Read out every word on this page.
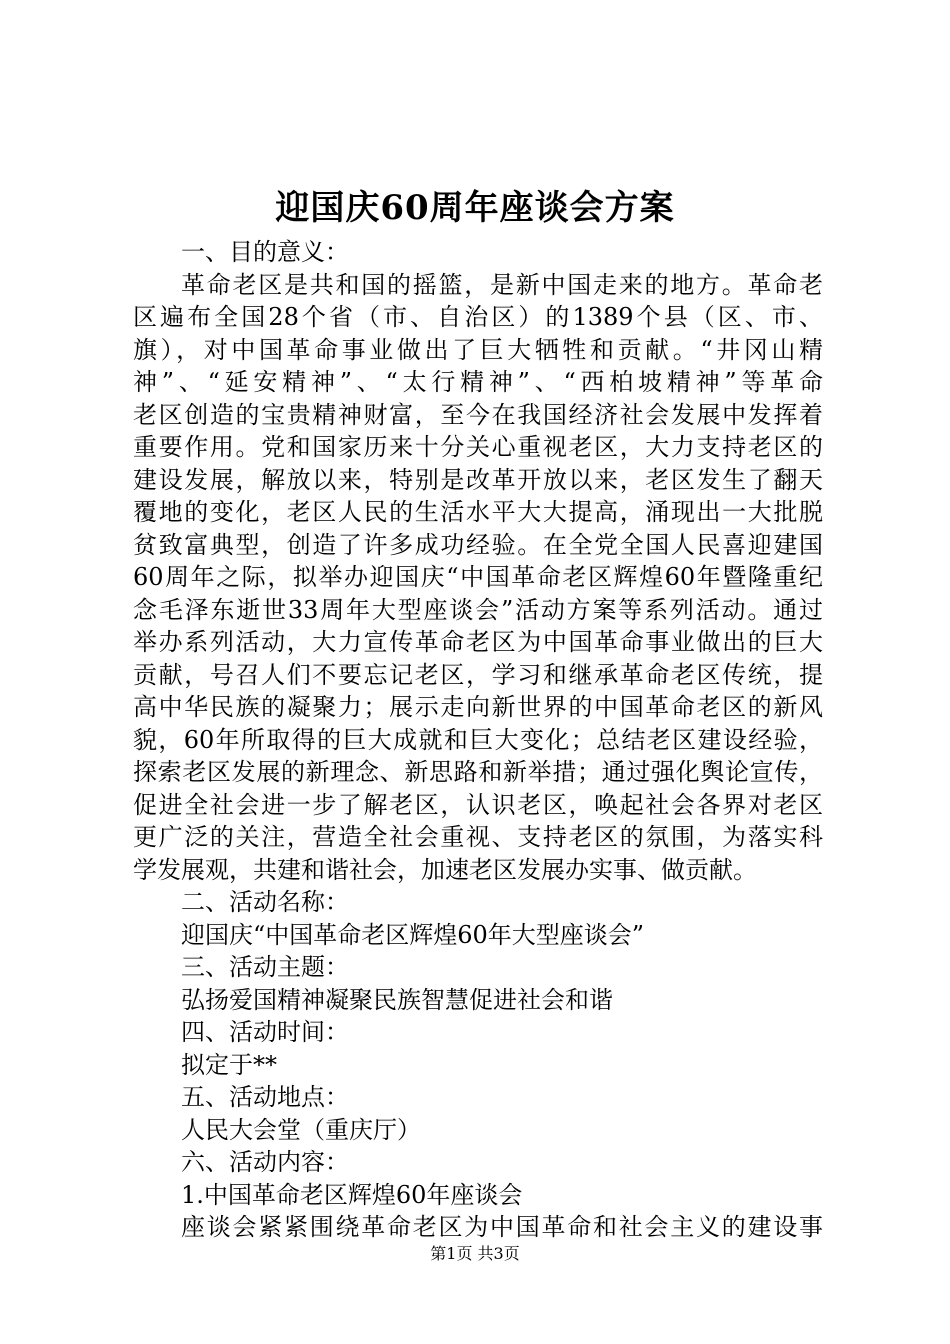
迎国庆60周年座谈会方案
一、目的意义：
革命老区是共和国的摇篮，是新中国走来的地方。革命老
区遍布全国28个省（市、自治区）的1389个县（区、市、
旗），对中国革命事业做出了巨大牺牲和贡献。“井冈山精
神”、“延安精神”、“太行精神”、“西柏坡精神”等革命
老区创造的宝贵精神财富，至今在我国经济社会发展中发挥着
重要作用。党和国家历来十分关心重视老区，大力支持老区的
建设发展，解放以来，特别是改革开放以来，老区发生了翻天
覆地的变化，老区人民的生活水平大大提高，涌现出一大批脱
贫致富典型，创造了许多成功经验。在全党全国人民喜迎建国
60周年之际，拟举办迎国庆“中国革命老区辉煌60年暨隆重纪
念毛泽东逝世33周年大型座谈会”活动方案等系列活动。通过
举办系列活动，大力宣传革命老区为中国革命事业做出的巨大
贡献，号召人们不要忘记老区，学习和继承革命老区传统，提
高中华民族的凝聚力；展示走向新世界的中国革命老区的新风
貌，60年所取得的巨大成就和巨大变化；总结老区建设经验，
探索老区发展的新理念、新思路和新举措；通过强化舆论宣传，
促进全社会进一步了解老区，认识老区，唤起社会各界对老区
更广泛的关注，营造全社会重视、支持老区的氛围，为落实科
学发展观，共建和谐社会，加速老区发展办实事、做贡献。
二、活动名称：
迎国庆“中国革命老区辉煌60年大型座谈会”
三、活动主题：
弘扬爱国精神凝聚民族智慧促进社会和谐
四、活动时间：
拟定于**
五、活动地点：
人民大会堂（重庆厅）
六、活动内容：
1.中国革命老区辉煌60年座谈会
座谈会紧紧围绕革命老区为中国革命和社会主义的建设事
第1页 共3页
